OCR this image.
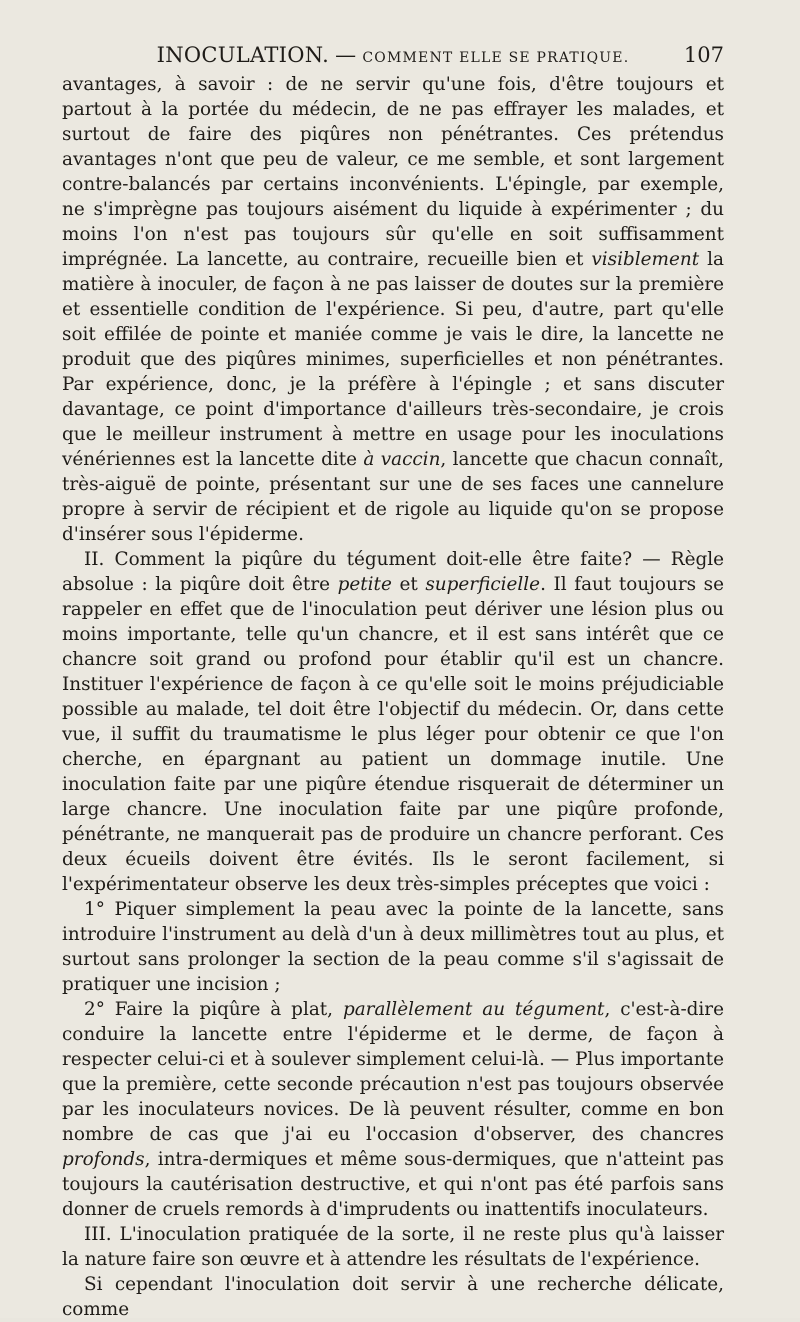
INOCULATION. — COMMENT ELLE SE PRATIQUE.	107

avantages, à savoir : de ne servir qu'une fois, d'être toujours et partout à la portée du médecin, de ne pas effrayer les malades, et surtout de faire des piqûres non pénétrantes. Ces prétendus avantages n'ont que peu de valeur, ce me semble, et sont largement contre-balancés par certains inconvénients. L'épingle, par exemple, ne s'imprègne pas toujours aisément du liquide à expérimenter ; du moins l'on n'est pas toujours sûr qu'elle en soit suffisamment imprégnée. La lancette, au contraire, recueille bien et visiblement la matière à inoculer, de façon à ne pas laisser de doutes sur la première et essentielle condition de l'expérience. Si peu, d'autre, part qu'elle soit effilée de pointe et maniée comme je vais le dire, la lancette ne produit que des piqûres minimes, superficielles et non pénétrantes. Par expérience, donc, je la préfère à l'épingle ; et sans discuter davantage, ce point d'importance d'ailleurs très-secondaire, je crois que le meilleur instrument à mettre en usage pour les inoculations vénériennes est la lancette dite à vaccin, lancette que chacun connaît, très-aiguë de pointe, présentant sur une de ses faces une cannelure propre à servir de récipient et de rigole au liquide qu'on se propose d'insérer sous l'épiderme.

II. Comment la piqûre du tégument doit-elle être faite? — Règle absolue : la piqûre doit être petite et superficielle. Il faut toujours se rappeler en effet que de l'inoculation peut dériver une lésion plus ou moins importante, telle qu'un chancre, et il est sans intérêt que ce chancre soit grand ou profond pour établir qu'il est un chancre. Instituer l'expérience de façon à ce qu'elle soit le moins préjudiciable possible au malade, tel doit être l'objectif du médecin. Or, dans cette vue, il suffit du traumatisme le plus léger pour obtenir ce que l'on cherche, en épargnant au patient un dommage inutile. Une inoculation faite par une piqûre étendue risquerait de déterminer un large chancre. Une inoculation faite par une piqûre profonde, pénétrante, ne manquerait pas de produire un chancre perforant. Ces deux écueils doivent être évités. Ils le seront facilement, si l'expérimentateur observe les deux très-simples préceptes que voici :

1° Piquer simplement la peau avec la pointe de la lancette, sans introduire l'instrument au delà d'un à deux millimètres tout au plus, et surtout sans prolonger la section de la peau comme s'il s'agissait de pratiquer une incision ;

2° Faire la piqûre à plat, parallèlement au tégument, c'est-à-dire conduire la lancette entre l'épiderme et le derme, de façon à respecter celui-ci et à soulever simplement celui-là. — Plus importante que la première, cette seconde précaution n'est pas toujours observée par les inoculateurs novices. De là peuvent résulter, comme en bon nombre de cas que j'ai eu l'occasion d'observer, des chancres profonds, intra-dermiques et même sous-dermiques, que n'atteint pas toujours la cautérisation destructive, et qui n'ont pas été parfois sans donner de cruels remords à d'imprudents ou inattentifs inoculateurs.

III. L'inoculation pratiquée de la sorte, il ne reste plus qu'à laisser la nature faire son œuvre et à attendre les résultats de l'expérience.

Si cependant l'inoculation doit servir à une recherche délicate, comme
